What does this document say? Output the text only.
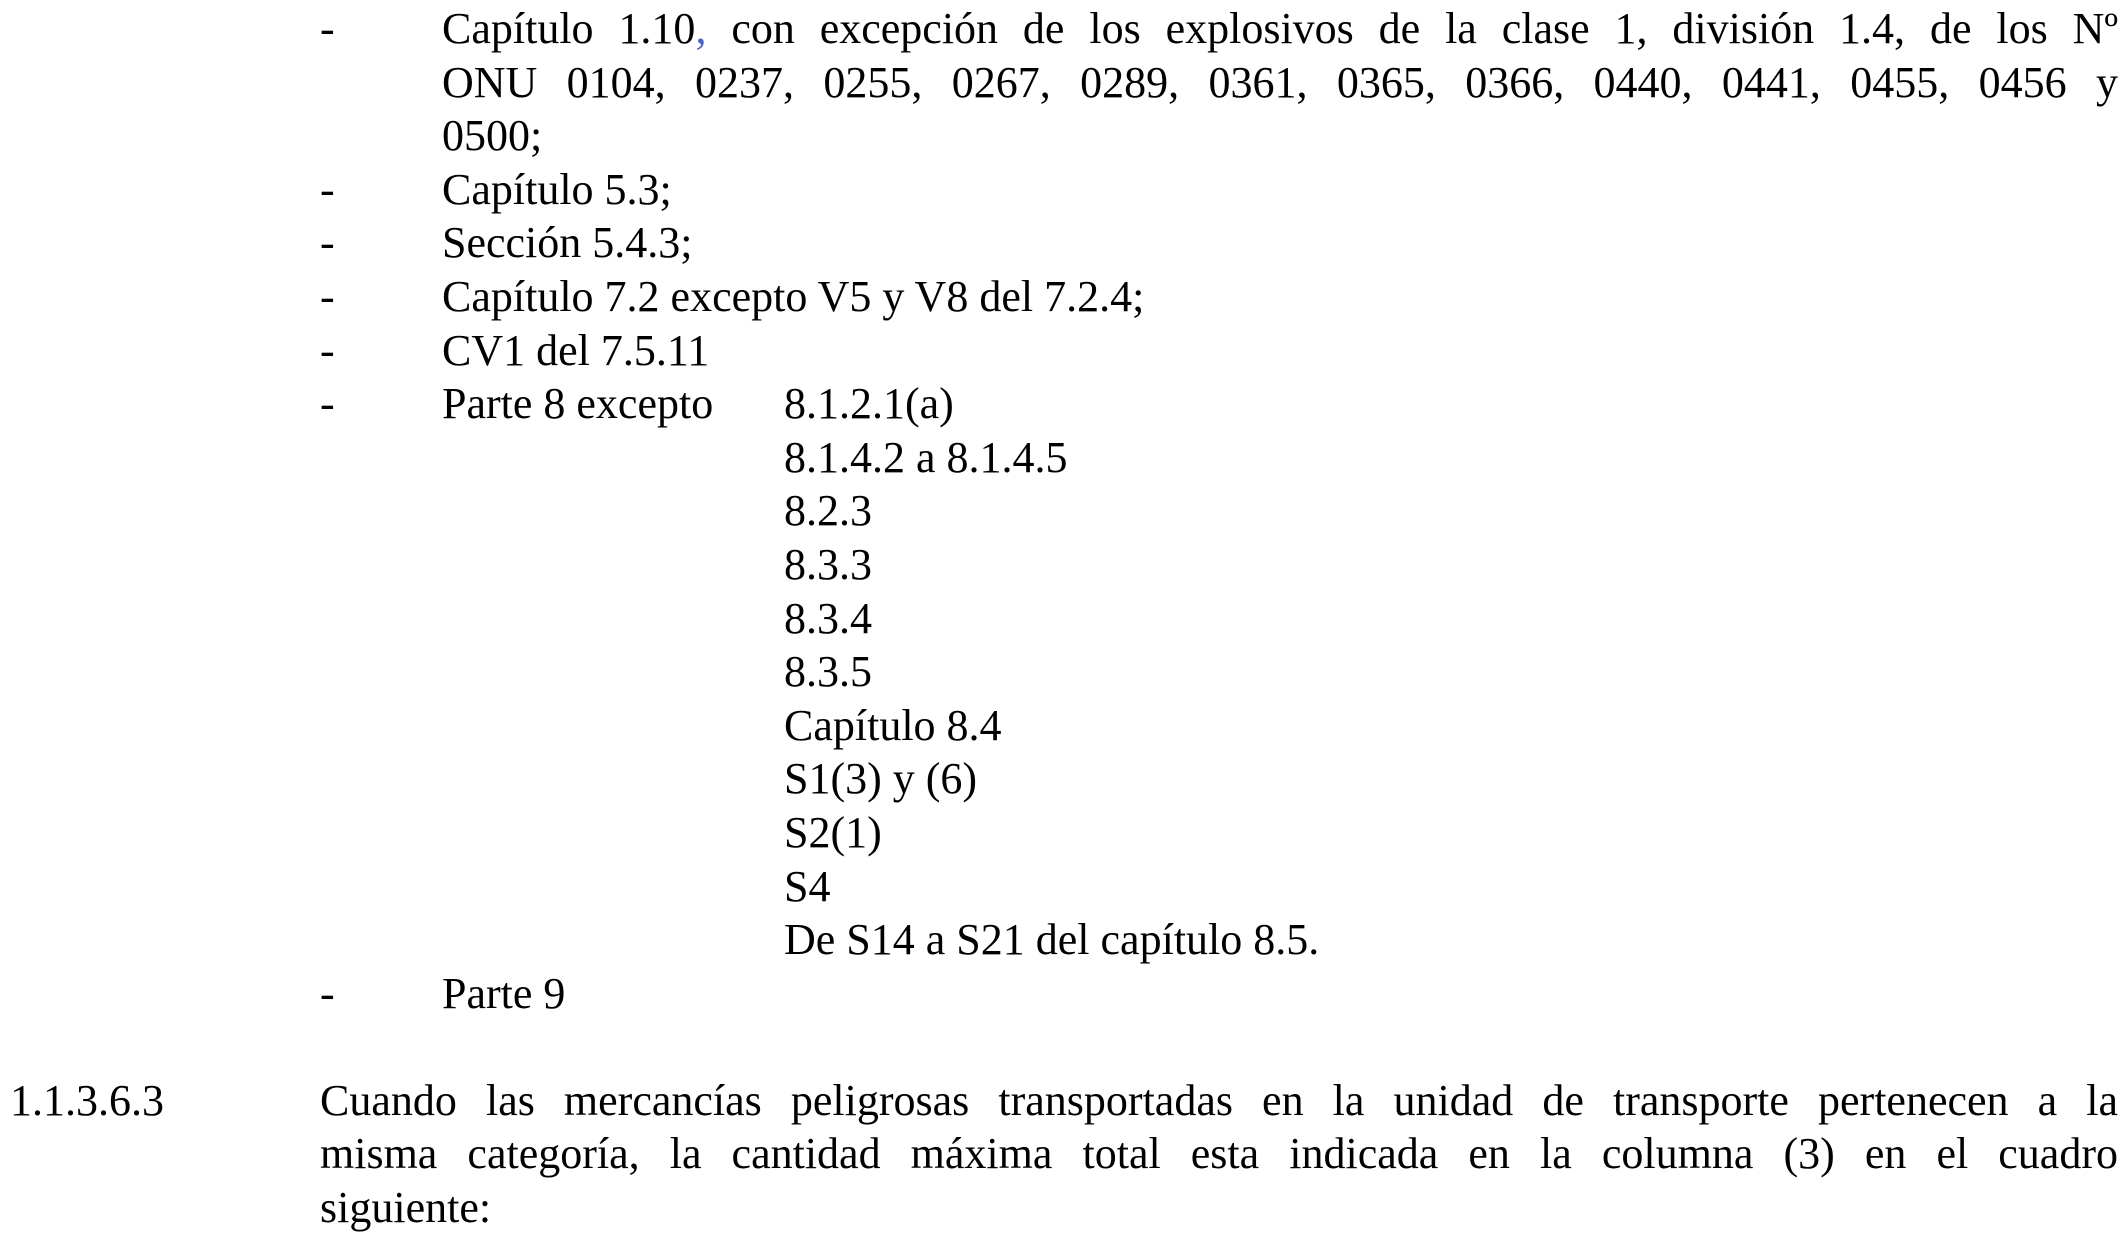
- Capítulo 1.10, con excepción de los explosivos de la clase 1, división 1.4, de los Nº
ONU 0104, 0237, 0255, 0267, 0289, 0361, 0365, 0366, 0440, 0441, 0455, 0456 y
0500;
- Capítulo 5.3;
- Sección 5.4.3;
- Capítulo 7.2 excepto V5 y V8 del 7.2.4;
- CV1 del 7.5.11
- Parte 8 excepto 8.1.2.1(a)
8.1.4.2 a 8.1.4.5
8.2.3
8.3.3
8.3.4
8.3.5
Capítulo 8.4
S1(3) y (6)
S2(1)
S4
De S14 a S21 del capítulo 8.5.
- Parte 9
1.1.3.6.3	Cuando las mercancías peligrosas transportadas en la unidad de transporte pertenecen a la
misma categoría, la cantidad máxima total esta indicada en la columna (3) en el cuadro
siguiente:
